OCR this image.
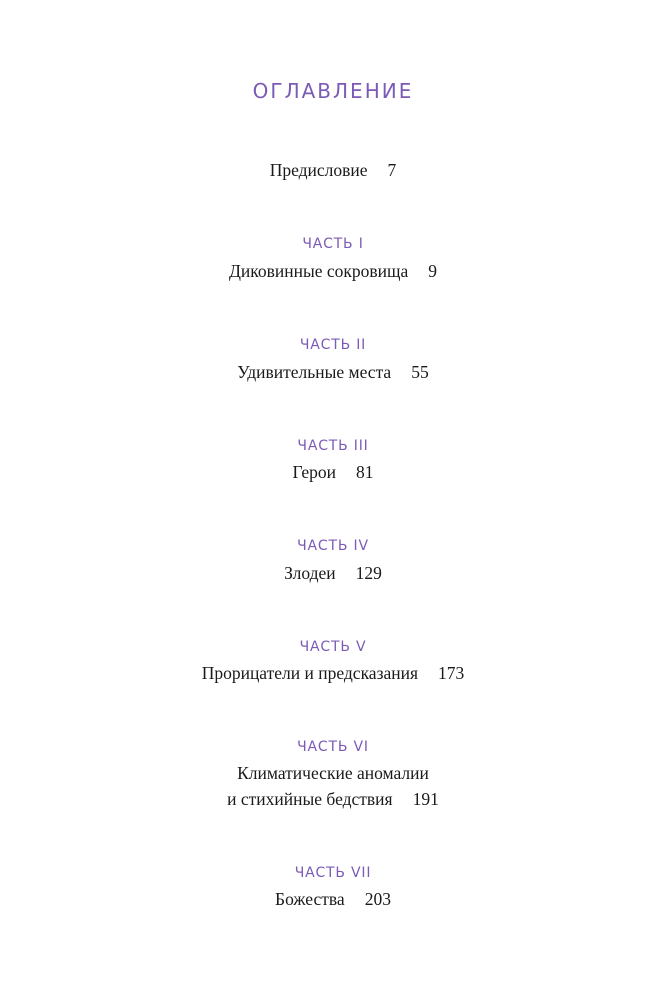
ОГЛАВЛЕНИЕ
Предисловие 7
ЧАСТЬ I
Диковинные сокровища 9
ЧАСТЬ II
Удивительные места 55
ЧАСТЬ III
Герои 81
ЧАСТЬ IV
Злодеи 129
ЧАСТЬ V
Прорицатели и предсказания 173
ЧАСТЬ VI
Климатические аномалии
и стихийные бедствия 191
ЧАСТЬ VII
Божества 203
